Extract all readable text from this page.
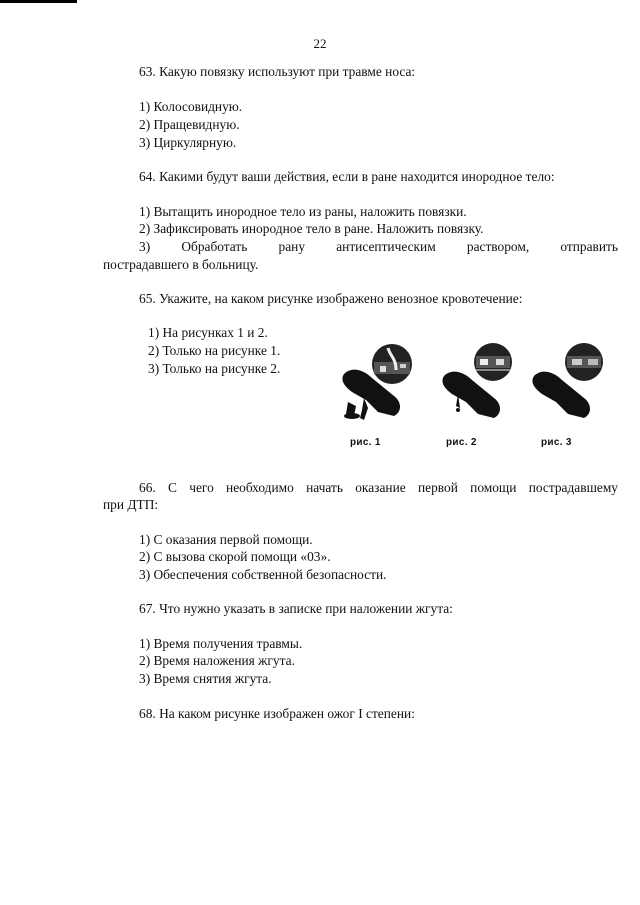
22
63. Какую повязку используют при травме носа:
1) Колосовидную.
2) Пращевидную.
3) Циркулярную.
64. Какими будут ваши действия, если в ране находится инородное тело:
1) Вытащить инородное тело из раны, наложить повязки.
2) Зафиксировать инородное тело в ране. Наложить повязку.
3) Обработать рану антисептическим раствором, отправить
пострадавшего в больницу.
65. Укажите, на каком рисунке изображено венозное кровотечение:
1) На рисунках 1 и 2.
2) Только на рисунке 1.
3) Только на рисунке 2.
рис. 1	рис. 2	рис. 3
66. С чего необходимо начать оказание первой помощи пострадавшему
при ДТП:
1) С оказания первой помощи.
2) С вызова скорой помощи «03».
3) Обеспечения собственной безопасности.
67. Что нужно указать в записке при наложении жгута:
1) Время получения травмы.
2) Время наложения жгута.
3) Время снятия жгута.
68. На каком рисунке изображен ожог I степени:
